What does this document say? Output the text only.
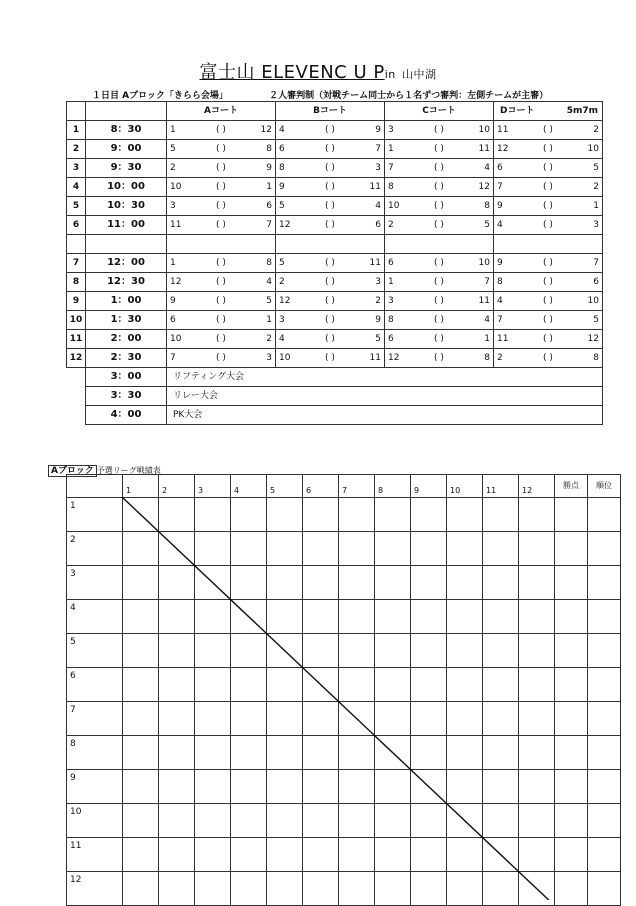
富士山 ELEVENC U Pin 山中湖
１日目 Aブロック「きらら会場」	２人審判制（対戦チーム同士から１名ずつ審判：左側チームが主審）
		Aコート	Bコート	Cコート	Dコート 5m7m

1	8：30	1 ( ) 12	4 ( ) 9	3 ( ) 10	11 ( ) 2

2	9：00	5 ( ) 8	6 ( ) 7	1 ( ) 11	12 ( ) 10

3	9：30	2 ( ) 9	8 ( ) 3	7 ( ) 4	6 ( ) 5

4	10：00	10 ( ) 1	9 ( ) 11	8 ( ) 12	7 ( ) 2

5	10：30	3 ( ) 6	5 ( ) 4	10 ( ) 8	9 ( ) 1

6	11：00	11 ( ) 7	12 ( ) 6	2 ( ) 5	4 ( ) 3

7	12：00	1 ( ) 8	5 ( ) 11	6 ( ) 10	9 ( ) 7

8	12：30	12 ( ) 4	2 ( ) 3	1 ( ) 7	8 ( ) 6

9	1：00	9 ( ) 5	12 ( ) 2	3 ( ) 11	4 ( ) 10

10	1：30	6 ( ) 1	3 ( ) 9	8 ( ) 4	7 ( ) 5

11	2：00	10 ( ) 2	4 ( ) 5	6 ( ) 1	11 ( ) 12

12	2：30	7 ( ) 3	10 ( ) 11	12 ( ) 8	2 ( ) 8

	3：00	リフティング大会			
	3：30	リレー大会			
	4：00	PK大会			
Aブロック 予選リーグ戦績表
	1	2	3	4	5	6	7	8	9	10	11	12	勝点	順位
1														
2														
3														
4														
5														
6														
7														
8														
9														
10														
11														
12														
